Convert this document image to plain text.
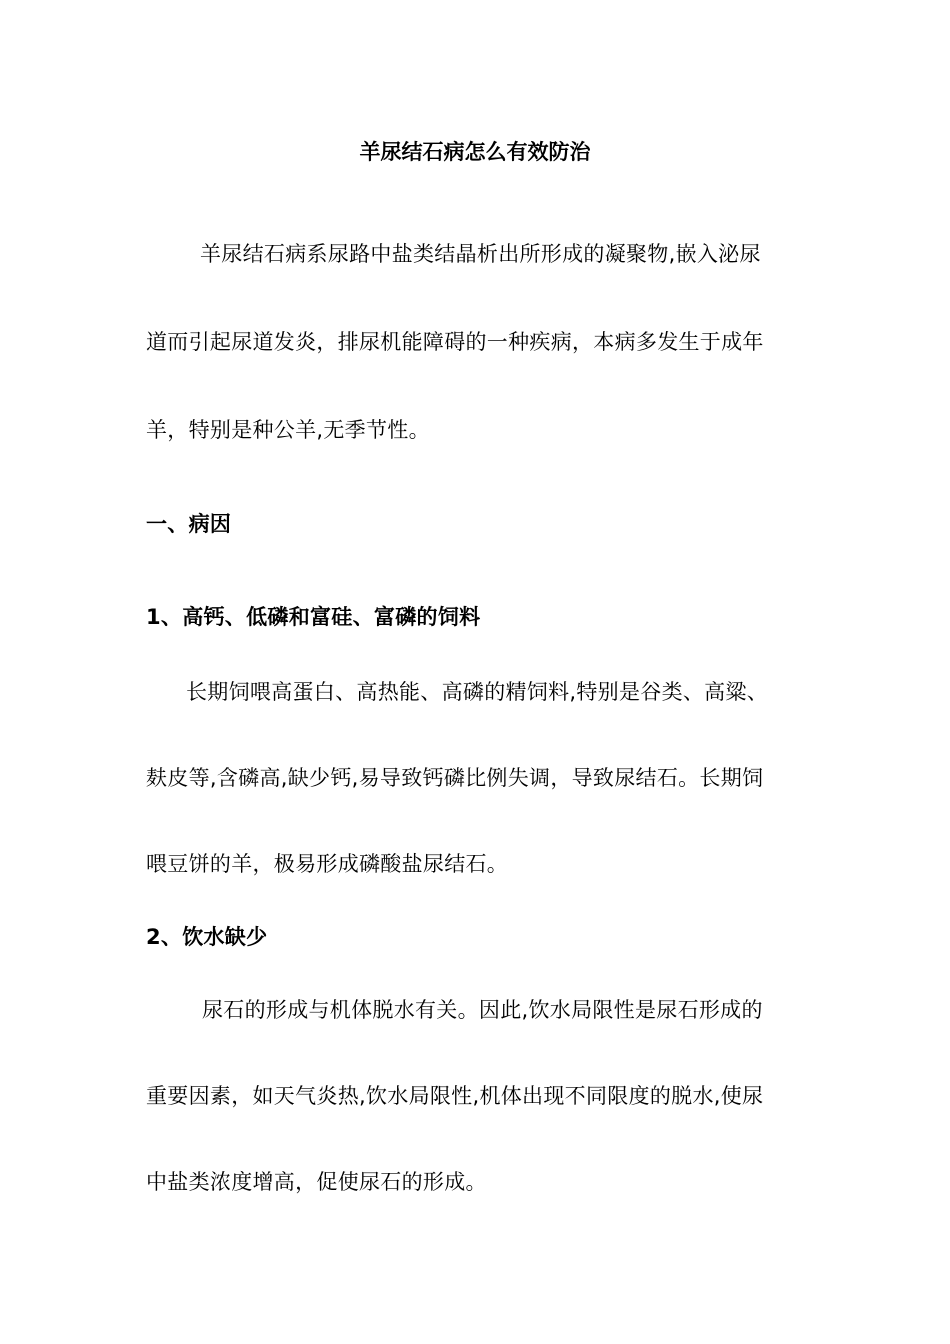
羊尿结石病怎么有效防治
羊尿结石病系尿路中盐类结晶析出所形成的凝聚物,嵌入泌尿
道而引起尿道发炎，排尿机能障碍的一种疾病，本病多发生于成年
羊，特别是种公羊,无季节性。
一、病因
1、高钙、低磷和富硅、富磷的饲料
长期饲喂高蛋白、高热能、高磷的精饲料,特别是谷类、高粱、
麸皮等,含磷高,缺少钙,易导致钙磷比例失调，导致尿结石。长期饲
喂豆饼的羊，极易形成磷酸盐尿结石。
2、饮水缺少
尿石的形成与机体脱水有关。因此,饮水局限性是尿石形成的
重要因素，如天气炎热,饮水局限性,机体出现不同限度的脱水,使尿
中盐类浓度增高，促使尿石的形成。
